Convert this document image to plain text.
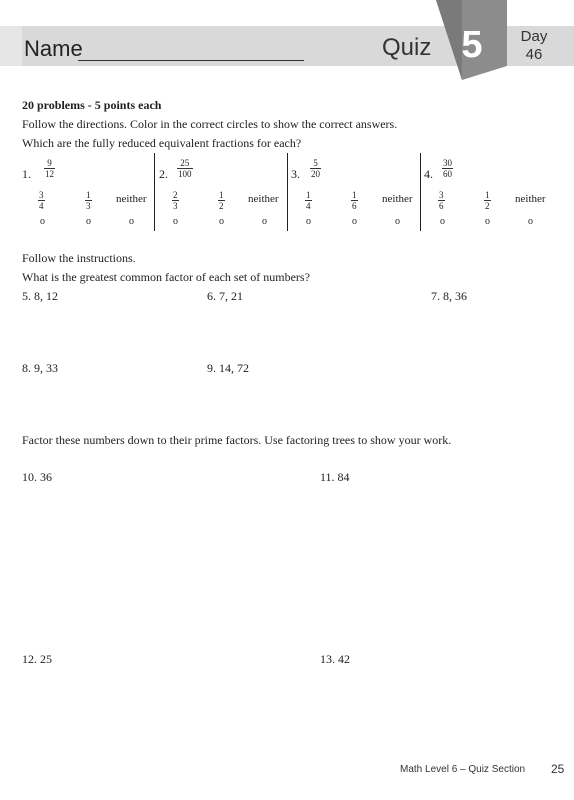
Name	Quiz 5	Day
46
20 problems - 5 points each
Follow the directions. Color in the correct circles to show the correct answers.
Which are the fully reduced equivalent fractions for each?
1. $\frac{9}{12}$
$\frac{3}{4}$	$\frac{1}{3}$ neither
o	o	o
2. $\frac{25}{100}$
$\frac{2}{3}$	$\frac{1}{2}$ neither
o	o	o
3. $\frac{5}{20}$
$\frac{1}{4}$	$\frac{1}{6}$ neither
o	o	o
4. $\frac{30}{60}$
$\frac{3}{6}$	$\frac{1}{2}$ neither
o	o	o
Follow the instructions.
What is the greatest common factor of each set of numbers?
5. 8, 12	6. 7, 21	7. 8, 36
8. 9, 33	9. 14, 72
Factor these numbers down to their prime factors. Use factoring trees to show your work.
10. 36	11. 84
12. 25	13. 42
Math Level 6 – Quiz Section 25
